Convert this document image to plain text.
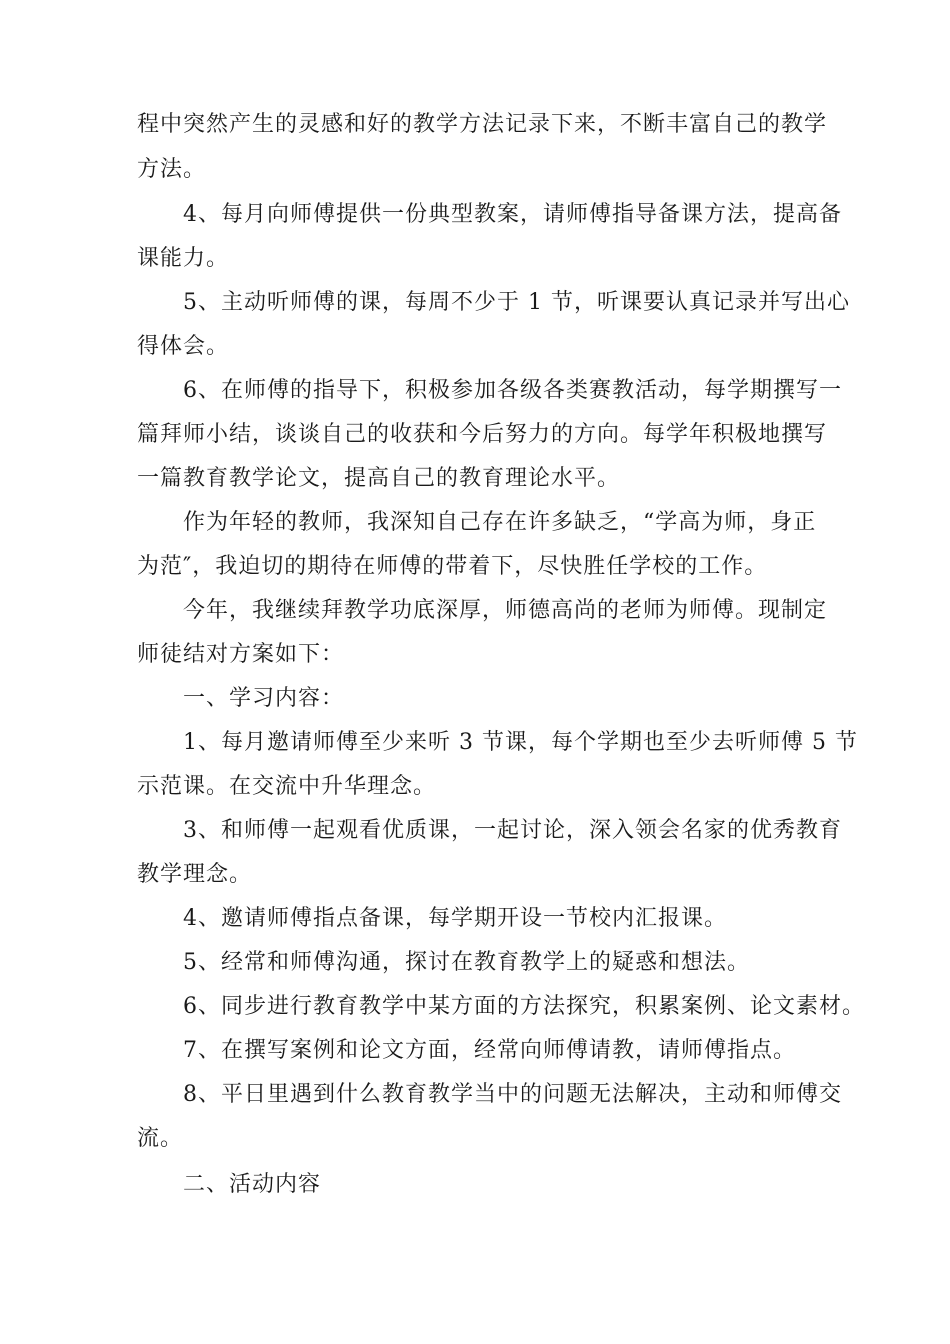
程中突然产生的灵感和好的教学方法记录下来，不断丰富自己的教学
方法。
4、每月向师傅提供一份典型教案，请师傅指导备课方法，提高备
课能力。
5、主动听师傅的课，每周不少于 1 节，听课要认真记录并写出心
得体会。
6、在师傅的指导下，积极参加各级各类赛教活动，每学期撰写一
篇拜师小结，谈谈自己的收获和今后努力的方向。每学年积极地撰写
一篇教育教学论文，提高自己的教育理论水平。
作为年轻的教师，我深知自己存在许多缺乏，“学高为师，身正
为范″，我迫切的期待在师傅的带着下，尽快胜任学校的工作。
今年，我继续拜教学功底深厚，师德高尚的老师为师傅。现制定
师徒结对方案如下：
一、学习内容：
1、每月邀请师傅至少来听 3 节课，每个学期也至少去听师傅 5 节
示范课。在交流中升华理念。
3、和师傅一起观看优质课，一起讨论，深入领会名家的优秀教育
教学理念。
4、邀请师傅指点备课，每学期开设一节校内汇报课。
5、经常和师傅沟通，探讨在教育教学上的疑惑和想法。
6、同步进行教育教学中某方面的方法探究，积累案例、论文素材。
7、在撰写案例和论文方面，经常向师傅请教，请师傅指点。
8、平日里遇到什么教育教学当中的问题无法解决，主动和师傅交
流。
二、活动内容
